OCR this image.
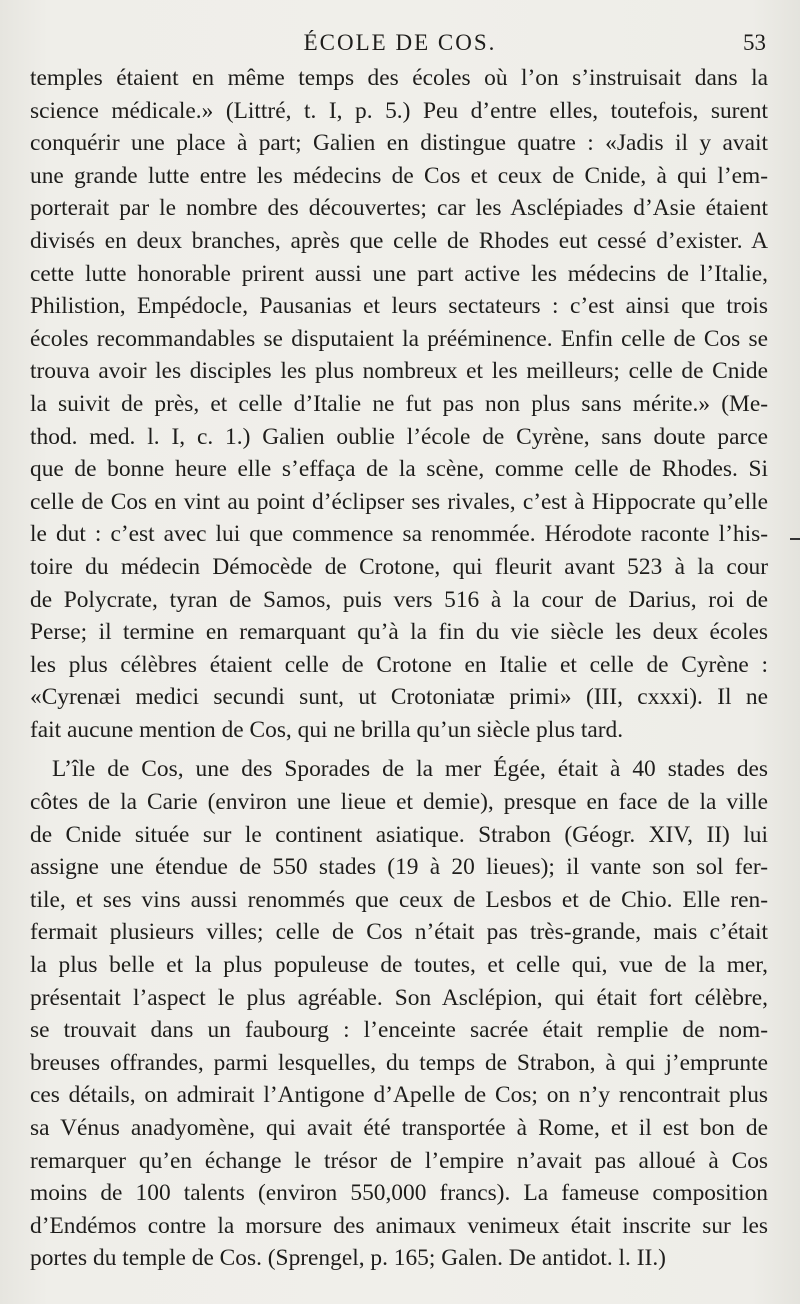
ÉCOLE DE COS.	53

temples étaient en même temps des écoles où l’on s’instruisait dans la
science médicale.» (Littré, t. I, p. 5.) Peu d’entre elles, toutefois, surent
conquérir une place à part; Galien en distingue quatre : «Jadis il y avait
une grande lutte entre les médecins de Cos et ceux de Cnide, à qui l’em-
porterait par le nombre des découvertes; car les Asclépiades d’Asie étaient
divisés en deux branches, après que celle de Rhodes eut cessé d’exister. A
cette lutte honorable prirent aussi une part active les médecins de l’Italie,
Philistion, Empédocle, Pausanias et leurs sectateurs : c’est ainsi que trois
écoles recommandables se disputaient la prééminence. Enfin celle de Cos se
trouva avoir les disciples les plus nombreux et les meilleurs; celle de Cnide
la suivit de près, et celle d’Italie ne fut pas non plus sans mérite.» (Me-
thod. med. l. I, c. 1.) Galien oublie l’école de Cyrène, sans doute parce
que de bonne heure elle s’effaça de la scène, comme celle de Rhodes. Si
celle de Cos en vint au point d’éclipser ses rivales, c’est à Hippocrate qu’elle
le dut : c’est avec lui que commence sa renommée. Hérodote raconte l’his-
toire du médecin Démocède de Crotone, qui fleurit avant 523 à la cour
de Polycrate, tyran de Samos, puis vers 516 à la cour de Darius, roi de
Perse; il termine en remarquant qu’à la fin du vie siècle les deux écoles
les plus célèbres étaient celle de Crotone en Italie et celle de Cyrène :
«Cyrenæi medici secundi sunt, ut Crotoniatæ primi» (III, cxxxi). Il ne
fait aucune mention de Cos, qui ne brilla qu’un siècle plus tard.

L’île de Cos, une des Sporades de la mer Égée, était à 40 stades des
côtes de la Carie (environ une lieue et demie), presque en face de la ville
de Cnide située sur le continent asiatique. Strabon (Géogr. XIV, II) lui
assigne une étendue de 550 stades (19 à 20 lieues); il vante son sol fer-
tile, et ses vins aussi renommés que ceux de Lesbos et de Chio. Elle ren-
fermait plusieurs villes; celle de Cos n’était pas très-grande, mais c’était
la plus belle et la plus populeuse de toutes, et celle qui, vue de la mer,
présentait l’aspect le plus agréable. Son Asclépion, qui était fort célèbre,
se trouvait dans un faubourg : l’enceinte sacrée était remplie de nom-
breuses offrandes, parmi lesquelles, du temps de Strabon, à qui j’emprunte
ces détails, on admirait l’Antigone d’Apelle de Cos; on n’y rencontrait plus
sa Vénus anadyomène, qui avait été transportée à Rome, et il est bon de
remarquer qu’en échange le trésor de l’empire n’avait pas alloué à Cos
moins de 100 talents (environ 550,000 francs). La fameuse composition
d’Endémos contre la morsure des animaux venimeux était inscrite sur les
portes du temple de Cos. (Sprengel, p. 165; Galen. De antidot. l. II.)
